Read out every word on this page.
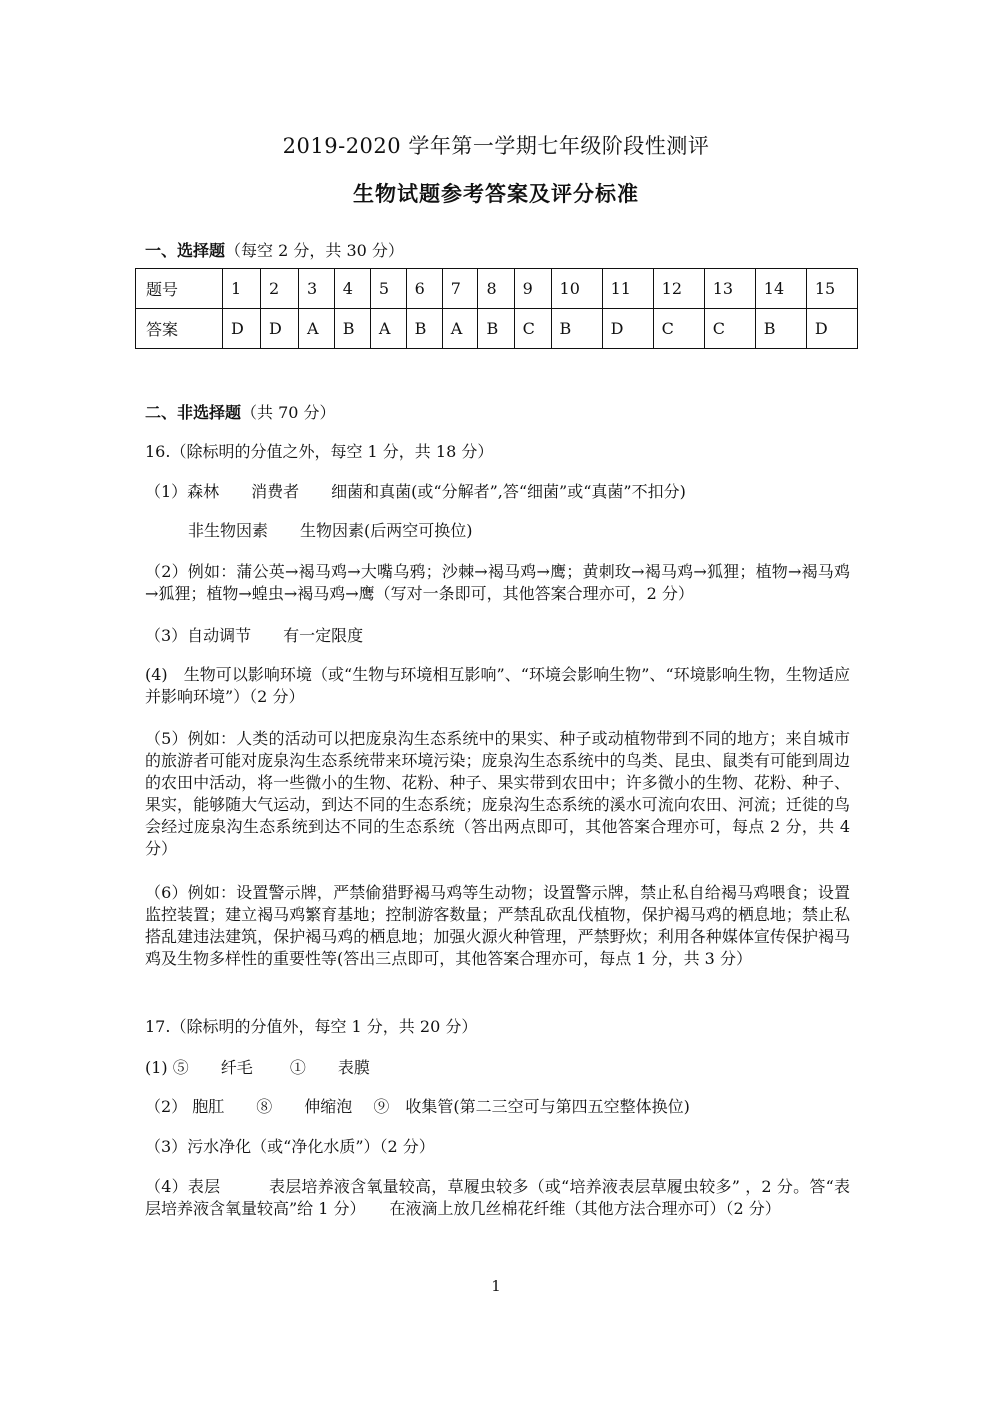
2019-2020 学年第一学期七年级阶段性测评
生物试题参考答案及评分标准
一、选择题（每空 2 分，共 30 分）
题号	1	2	3	4	5	6	7	8	9	10	11	12	13	14	15
答案	D	D	A	B	A	B	A	B	C	B	D	C	C	B	D
二、非选择题（共 70 分）
16.（除标明的分值之外，每空 1 分，共 18 分）
（1）森林　　消费者　　细菌和真菌(或“分解者”,答“细菌”或“真菌”不扣分)
非生物因素　　生物因素(后两空可换位)
（2）例如：蒲公英→褐马鸡→大嘴乌鸦；沙棘→褐马鸡→鹰；黄刺玫→褐马鸡→狐狸；植物→褐马鸡→狐狸；植物→蝗虫→褐马鸡→鹰（写对一条即可，其他答案合理亦可，2 分）
（3）自动调节　　有一定限度
(4)　生物可以影响环境（或“生物与环境相互影响”、“环境会影响生物”、“环境影响生物，生物适应并影响环境”）（2 分）
（5）例如：人类的活动可以把庞泉沟生态系统中的果实、种子或动植物带到不同的地方；来自城市的旅游者可能对庞泉沟生态系统带来环境污染；庞泉沟生态系统中的鸟类、昆虫、鼠类有可能到周边的农田中活动，将一些微小的生物、花粉、种子、果实带到农田中；许多微小的生物、花粉、种子、果实，能够随大气运动，到达不同的生态系统；庞泉沟生态系统的溪水可流向农田、河流；迁徙的鸟会经过庞泉沟生态系统到达不同的生态系统（答出两点即可，其他答案合理亦可，每点 2 分，共 4 分）
（6）例如：设置警示牌，严禁偷猎野褐马鸡等生动物；设置警示牌，禁止私自给褐马鸡喂食；设置监控装置；建立褐马鸡繁育基地；控制游客数量；严禁乱砍乱伐植物，保护褐马鸡的栖息地；禁止私搭乱建违法建筑，保护褐马鸡的栖息地；加强火源火种管理，严禁野炊；利用各种媒体宣传保护褐马鸡及生物多样性的重要性等(答出三点即可，其他答案合理亦可，每点 1 分，共 3 分）
17.（除标明的分值外，每空 1 分，共 20 分）
(1) ⑤　　纤毛　　 ①　　表膜
（2） 胞肛　　⑧　　伸缩泡　 ⑨　收集管(第二三空可与第四五空整体换位)
（3）污水净化（或“净化水质”）（2 分）
（4）表层　　　表层培养液含氧量较高，草履虫较多（或“培养液表层草履虫较多” ，2 分。答“表层培养液含氧量较高”给 1 分）　　在液滴上放几丝棉花纤维（其他方法合理亦可）（2 分）
1
